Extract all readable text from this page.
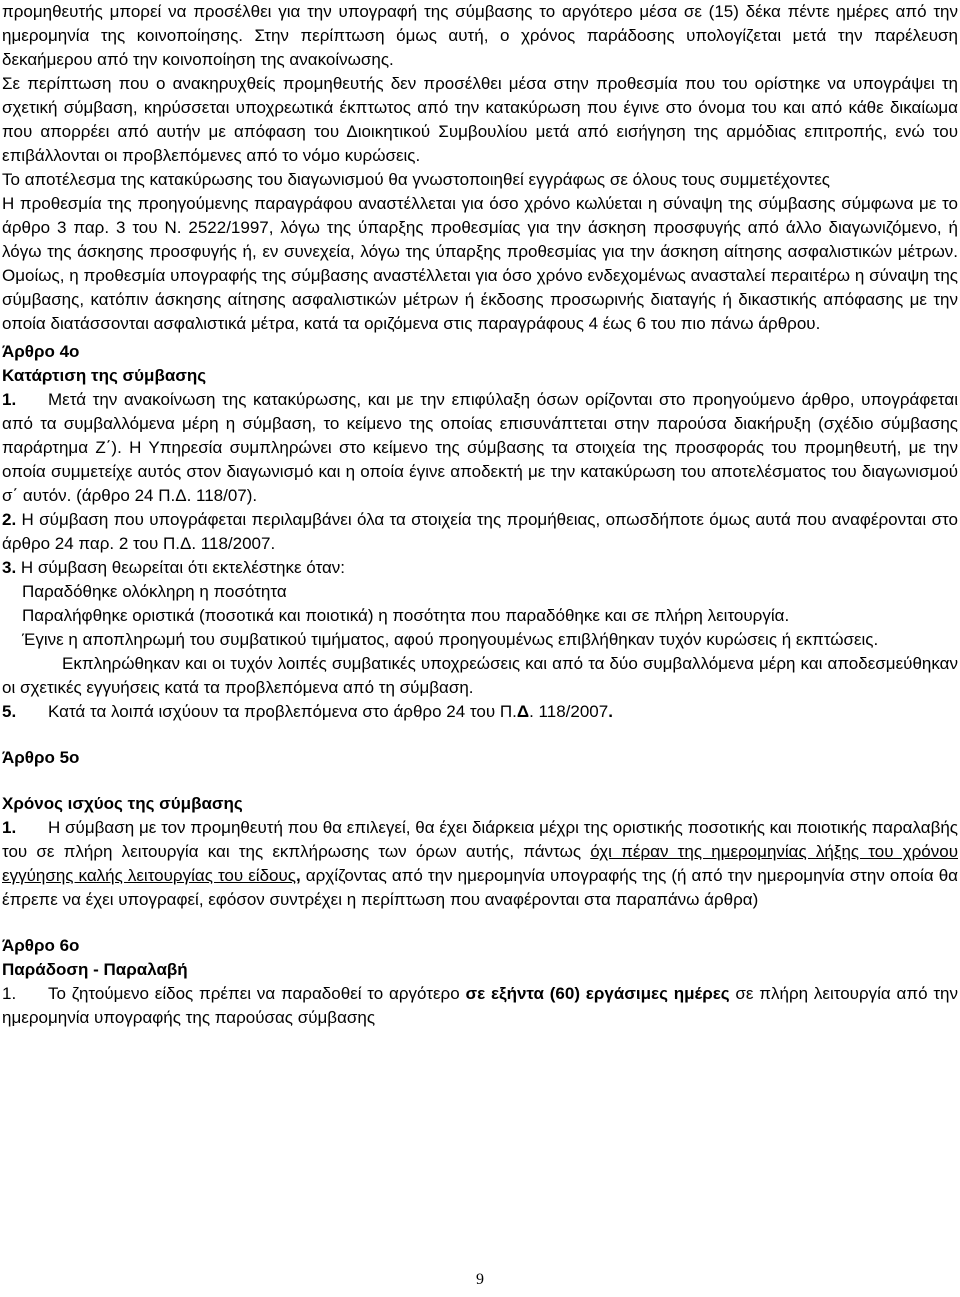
προμηθευτής μπορεί να προσέλθει για την υπογραφή της σύμβασης το αργότερο μέσα σε (15) δέκα πέντε ημέρες από την ημερομηνία της κοινοποίησης. Στην περίπτωση όμως αυτή, ο χρόνος παράδοσης υπολογίζεται μετά την παρέλευση δεκαήμερου από την κοινοποίηση της ανακοίνωσης.

Σε περίπτωση που ο ανακηρυχθείς προμηθευτής δεν προσέλθει μέσα στην προθεσμία που του ορίστηκε να υπογράψει τη σχετική σύμβαση, κηρύσσεται υποχρεωτικά έκπτωτος από την κατακύρωση που έγινε στο όνομα του και από κάθε δικαίωμα που απορρέει από αυτήν με απόφαση του Διοικητικού Συμβουλίου μετά από εισήγηση της αρμόδιας επιτροπής, ενώ του επιβάλλονται οι προβλεπόμενες από το νόμο κυρώσεις.

Το αποτέλεσμα της κατακύρωσης του διαγωνισμού θα γνωστοποιηθεί εγγράφως σε όλους τους συμμετέχοντες

Η προθεσμία της προηγούμενης παραγράφου αναστέλλεται για όσο χρόνο κωλύεται η σύναψη της σύμβασης σύμφωνα με το άρθρο 3 παρ. 3 του Ν. 2522/1997, λόγω της ύπαρξης προθεσμίας για την άσκηση προσφυγής από άλλο διαγωνιζόμενο, ή λόγω της άσκησης προσφυγής ή, εν συνεχεία, λόγω της ύπαρξης προθεσμίας για την άσκηση αίτησης ασφαλιστικών μέτρων. Ομοίως, η προθεσμία υπογραφής της σύμβασης αναστέλλεται για όσο χρόνο ενδεχομένως ανασταλεί περαιτέρω η σύναψη της σύμβασης, κατόπιν άσκησης αίτησης ασφαλιστικών μέτρων ή έκδοσης προσωρινής διαταγής ή δικαστικής απόφασης με την οποία διατάσσονται ασφαλιστικά μέτρα, κατά τα οριζόμενα στις παραγράφους 4 έως 6 του πιο πάνω άρθρου.

Άρθρο 4ο

Κατάρτιση της σύμβασης

1. Μετά την ανακοίνωση της κατακύρωσης, και με την επιφύλαξη όσων ορίζονται στο προηγούμενο άρθρο, υπογράφεται από τα συμβαλλόμενα μέρη η σύμβαση, το κείμενο της οποίας επισυνάπτεται στην παρούσα διακήρυξη (σχέδιο σύμβασης παράρτημα Ζ΄). Η Υπηρεσία συμπληρώνει στο κείμενο της σύμβασης τα στοιχεία της προσφοράς του προμηθευτή, με την οποία συμμετείχε αυτός στον διαγωνισμό και η οποία έγινε αποδεκτή με την κατακύρωση του αποτελέσματος του διαγωνισμού σ΄ αυτόν. (άρθρο 24 Π.Δ. 118/07).

2. Η σύμβαση που υπογράφεται περιλαμβάνει όλα τα στοιχεία της προμήθειας, οπωσδήποτε όμως αυτά που αναφέρονται στο άρθρο 24 παρ. 2 του Π.Δ. 118/2007.

3. Η σύμβαση θεωρείται ότι εκτελέστηκε όταν:

Παραδόθηκε ολόκληρη η ποσότητα

Παραλήφθηκε οριστικά (ποσοτικά και ποιοτικά) η ποσότητα που παραδόθηκε και σε πλήρη λειτουργία.

Έγινε η αποπληρωμή του συμβατικού τιμήματος, αφού προηγουμένως επιβλήθηκαν τυχόν κυρώσεις ή εκπτώσεις.

Εκπληρώθηκαν και οι τυχόν λοιπές συμβατικές υποχρεώσεις και από τα δύο συμβαλλόμενα μέρη και αποδεσμεύθηκαν οι σχετικές εγγυήσεις κατά τα προβλεπόμενα από τη σύμβαση.

5. Κατά τα λοιπά ισχύουν τα προβλεπόμενα στο άρθρο 24 του Π.Δ. 118/2007.

Άρθρο 5ο

Χρόνος ισχύος της σύμβασης

1. Η σύμβαση με τον προμηθευτή που θα επιλεγεί, θα έχει διάρκεια μέχρι της οριστικής ποσοτικής και ποιοτικής παραλαβής του σε πλήρη λειτουργία και της εκπλήρωσης των όρων αυτής, πάντως όχι πέραν της ημερομηνίας λήξης του χρόνου εγγύησης καλής λειτουργίας του είδους, αρχίζοντας από την ημερομηνία υπογραφής της (ή από την ημερομηνία στην οποία θα έπρεπε να έχει υπογραφεί, εφόσον συντρέχει η περίπτωση που αναφέρονται στα παραπάνω άρθρα)

Άρθρο 6ο

Παράδοση - Παραλαβή

1. Το ζητούμενο είδος πρέπει να παραδοθεί το αργότερο σε εξήντα (60) εργάσιμες ημέρες σε πλήρη λειτουργία από την ημερομηνία υπογραφής της παρούσας σύμβασης

9
